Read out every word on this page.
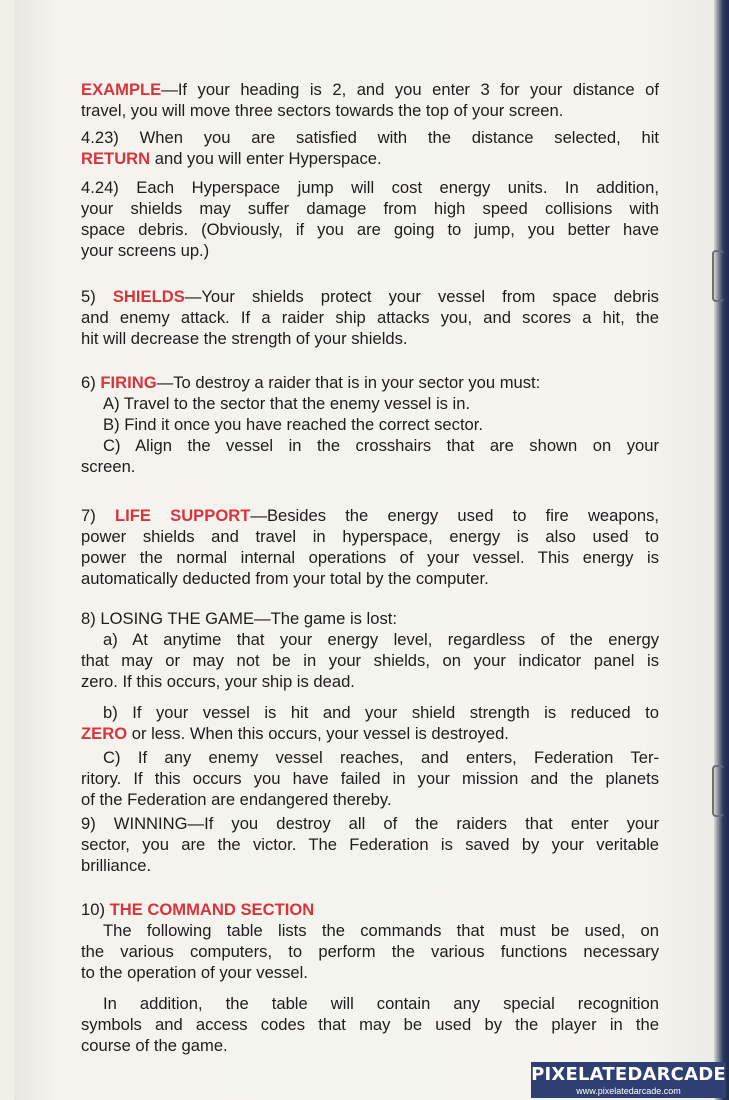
EXAMPLE—If your heading is 2, and you enter 3 for your distance of
travel, you will move three sectors towards the top of your screen.
4.23) When you are satisfied with the distance selected, hit
RETURN and you will enter Hyperspace.
4.24) Each Hyperspace jump will cost energy units. In addition,
your shields may suffer damage from high speed collisions with
space debris. (Obviously, if you are going to jump, you better have
your screens up.)
5) SHIELDS—Your shields protect your vessel from space debris
and enemy attack. If a raider ship attacks you, and scores a hit, the
hit will decrease the strength of your shields.
6) FIRING—To destroy a raider that is in your sector you must:
A) Travel to the sector that the enemy vessel is in.
B) Find it once you have reached the correct sector.
C) Align the vessel in the crosshairs that are shown on your
screen.
7) LIFE SUPPORT—Besides the energy used to fire weapons,
power shields and travel in hyperspace, energy is also used to
power the normal internal operations of your vessel. This energy is
automatically deducted from your total by the computer.
8) LOSING THE GAME—The game is lost:
a) At anytime that your energy level, regardless of the energy
that may or may not be in your shields, on your indicator panel is
zero. If this occurs, your ship is dead.
b) If your vessel is hit and your shield strength is reduced to
ZERO or less. When this occurs, your vessel is destroyed.
C) If any enemy vessel reaches, and enters, Federation Ter-
ritory. If this occurs you have failed in your mission and the planets
of the Federation are endangered thereby.
9) WINNING—If you destroy all of the raiders that enter your
sector, you are the victor. The Federation is saved by your veritable
brilliance.
10) THE COMMAND SECTION
The following table lists the commands that must be used, on
the various computers, to perform the various functions necessary
to the operation of your vessel.
In addition, the table will contain any special recognition
symbols and access codes that may be used by the player in the
course of the game.
PIXELATEDARCADE
www.pixelatedarcade.com
